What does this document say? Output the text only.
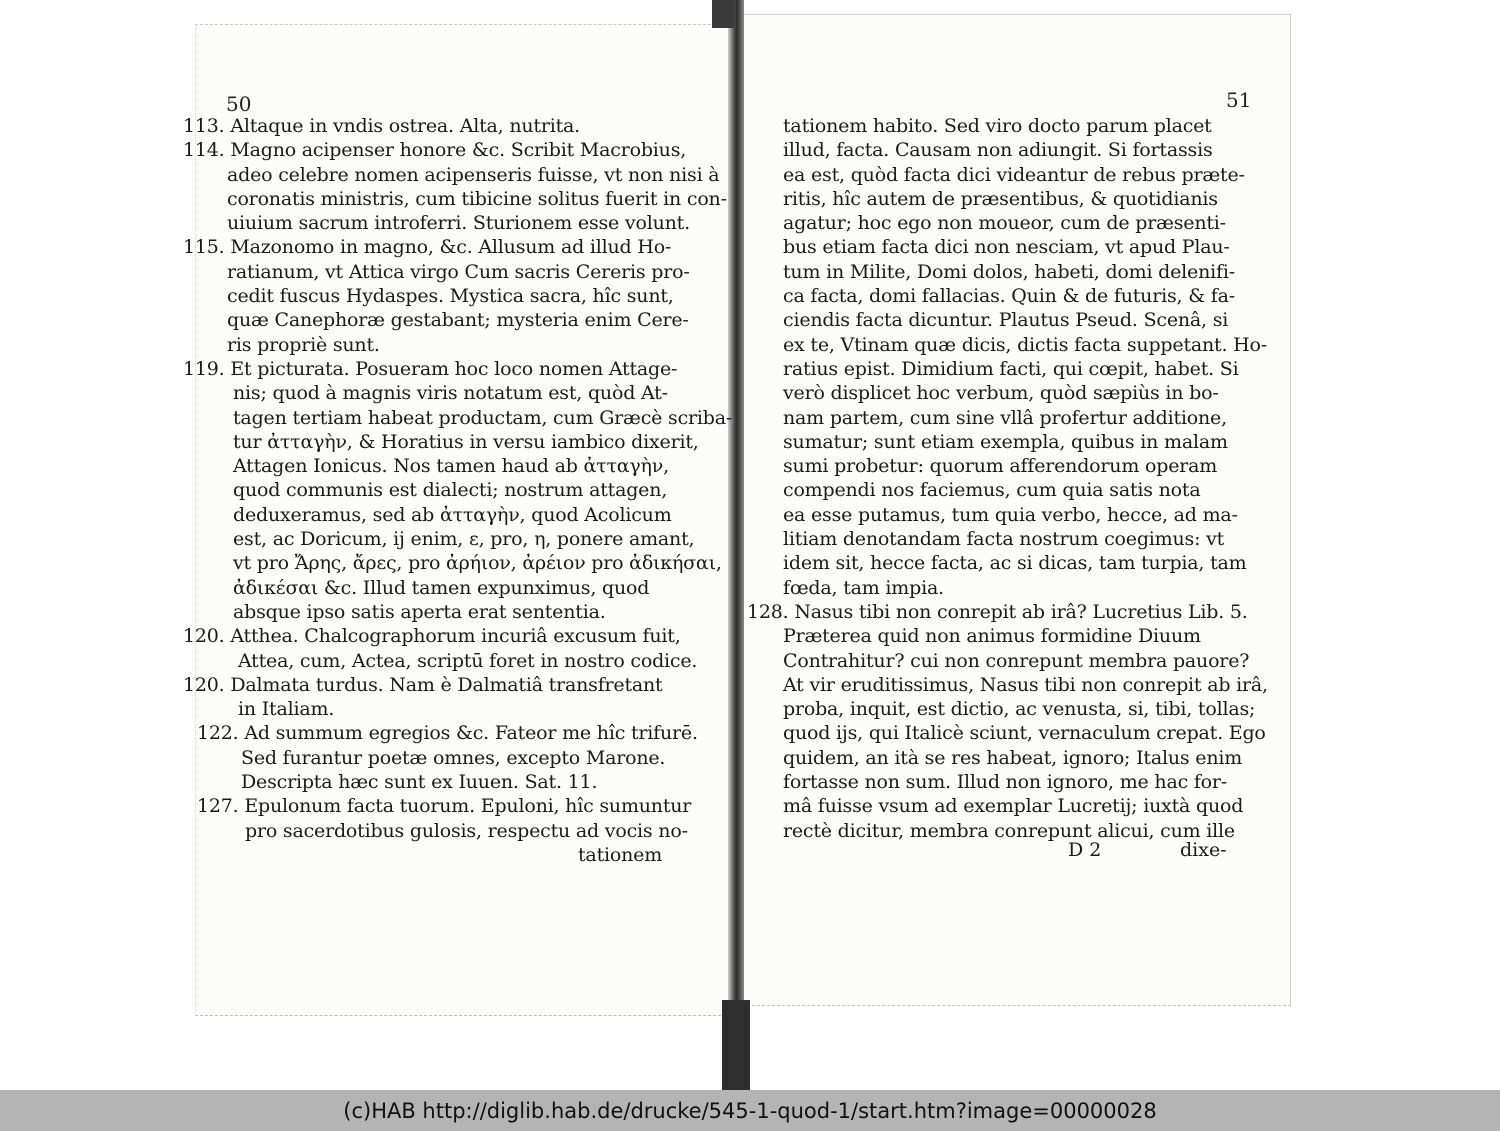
50	51
113. Altaque in vndis ostrea. Alta, nutrita.
114. Magno acipenser honore &c. Scribit Macrobius,
adeo celebre nomen acipenseris fuisse, vt non nisi à
coronatis ministris, cum tibicine solitus fuerit in con-
uiuium sacrum introferri. Sturionem esse volunt.
115. Mazonomo in magno, &c. Allusum ad illud Ho-
ratianum, vt Attica virgo Cum sacris Cereris pro-
cedit fuscus Hydaspes. Mystica sacra, hîc sunt,
quæ Canephoræ gestabant; mysteria enim Cere-
ris propriè sunt.
119. Et picturata. Posueram hoc loco nomen Attage-
nis; quod à magnis viris notatum est, quòd At-
tagen tertiam habeat productam, cum Græcè scriba-
tur ἀτταγὴν, & Horatius in versu iambico dixerit,
Attagen Ionicus. Nos tamen haud ab ἀτταγὴν,
quod communis est dialecti; nostrum attagen,
deduxeramus, sed ab ἀτταγὴν, quod Acolicum
est, ac Doricum, ij enim, ε, pro, η, ponere amant,
vt pro Ἄρης, ἄρες, pro ἀρήιον, ἀρέιον pro ἀδικήσαι,
ἀδικέσαι &c. Illud tamen expunximus, quod
absque ipso satis aperta erat sententia.
120. Atthea. Chalcographorum incuriâ excusum fuit,
Attea, cum, Actea, scriptū foret in nostro codice.
120. Dalmata turdus. Nam è Dalmatiâ transfretant
in Italiam.
122. Ad summum egregios &c. Fateor me hîc trifurē.
Sed furantur poetæ omnes, excepto Marone.
Descripta hæc sunt ex Iuuen. Sat. 11.
127. Epulonum facta tuorum. Epuloni, hîc sumuntur
pro sacerdotibus gulosis, respectu ad vocis no-
tationem
tationem habito. Sed viro docto parum placet
illud, facta. Causam non adiungit. Si fortassis
ea est, quòd facta dici videantur de rebus præte-
ritis, hîc autem de præsentibus, & quotidianis
agatur; hoc ego non moueor, cum de præsenti-
bus etiam facta dici non nesciam, vt apud Plau-
tum in Milite, Domi dolos, habeti, domi delenifi-
ca facta, domi fallacias. Quin & de futuris, & fa-
ciendis facta dicuntur. Plautus Pseud. Scenâ, si
ex te, Vtinam quæ dicis, dictis facta suppetant. Ho-
ratius epist. Dimidium facti, qui cœpit, habet. Si
verò displicet hoc verbum, quòd sæpiùs in bo-
nam partem, cum sine vllâ profertur additione,
sumatur; sunt etiam exempla, quibus in malam
sumi probetur: quorum afferendorum operam
compendi nos faciemus, cum quia satis nota
ea esse putamus, tum quia verbo, hecce, ad ma-
litiam denotandam facta nostrum coegimus: vt
idem sit, hecce facta, ac si dicas, tam turpia, tam
fœda, tam impia.
128. Nasus tibi non conrepit ab irâ? Lucretius Lib. 5.
Præterea quid non animus formidine Diuum
Contrahitur? cui non conrepunt membra pauore?
At vir eruditissimus, Nasus tibi non conrepit ab irâ,
proba, inquit, est dictio, ac venusta, si, tibi, tollas;
quod ijs, qui Italicè sciunt, vernaculum crepat. Ego
quidem, an ità se res habeat, ignoro; Italus enim
fortasse non sum. Illud non ignoro, me hac for-
mâ fuisse vsum ad exemplar Lucretij; iuxtà quod
rectè dicitur, membra conrepunt alicui, cum ille
D 2	dixe-
(c)HAB http://diglib.hab.de/drucke/545-1-quod-1/start.htm?image=00000028
